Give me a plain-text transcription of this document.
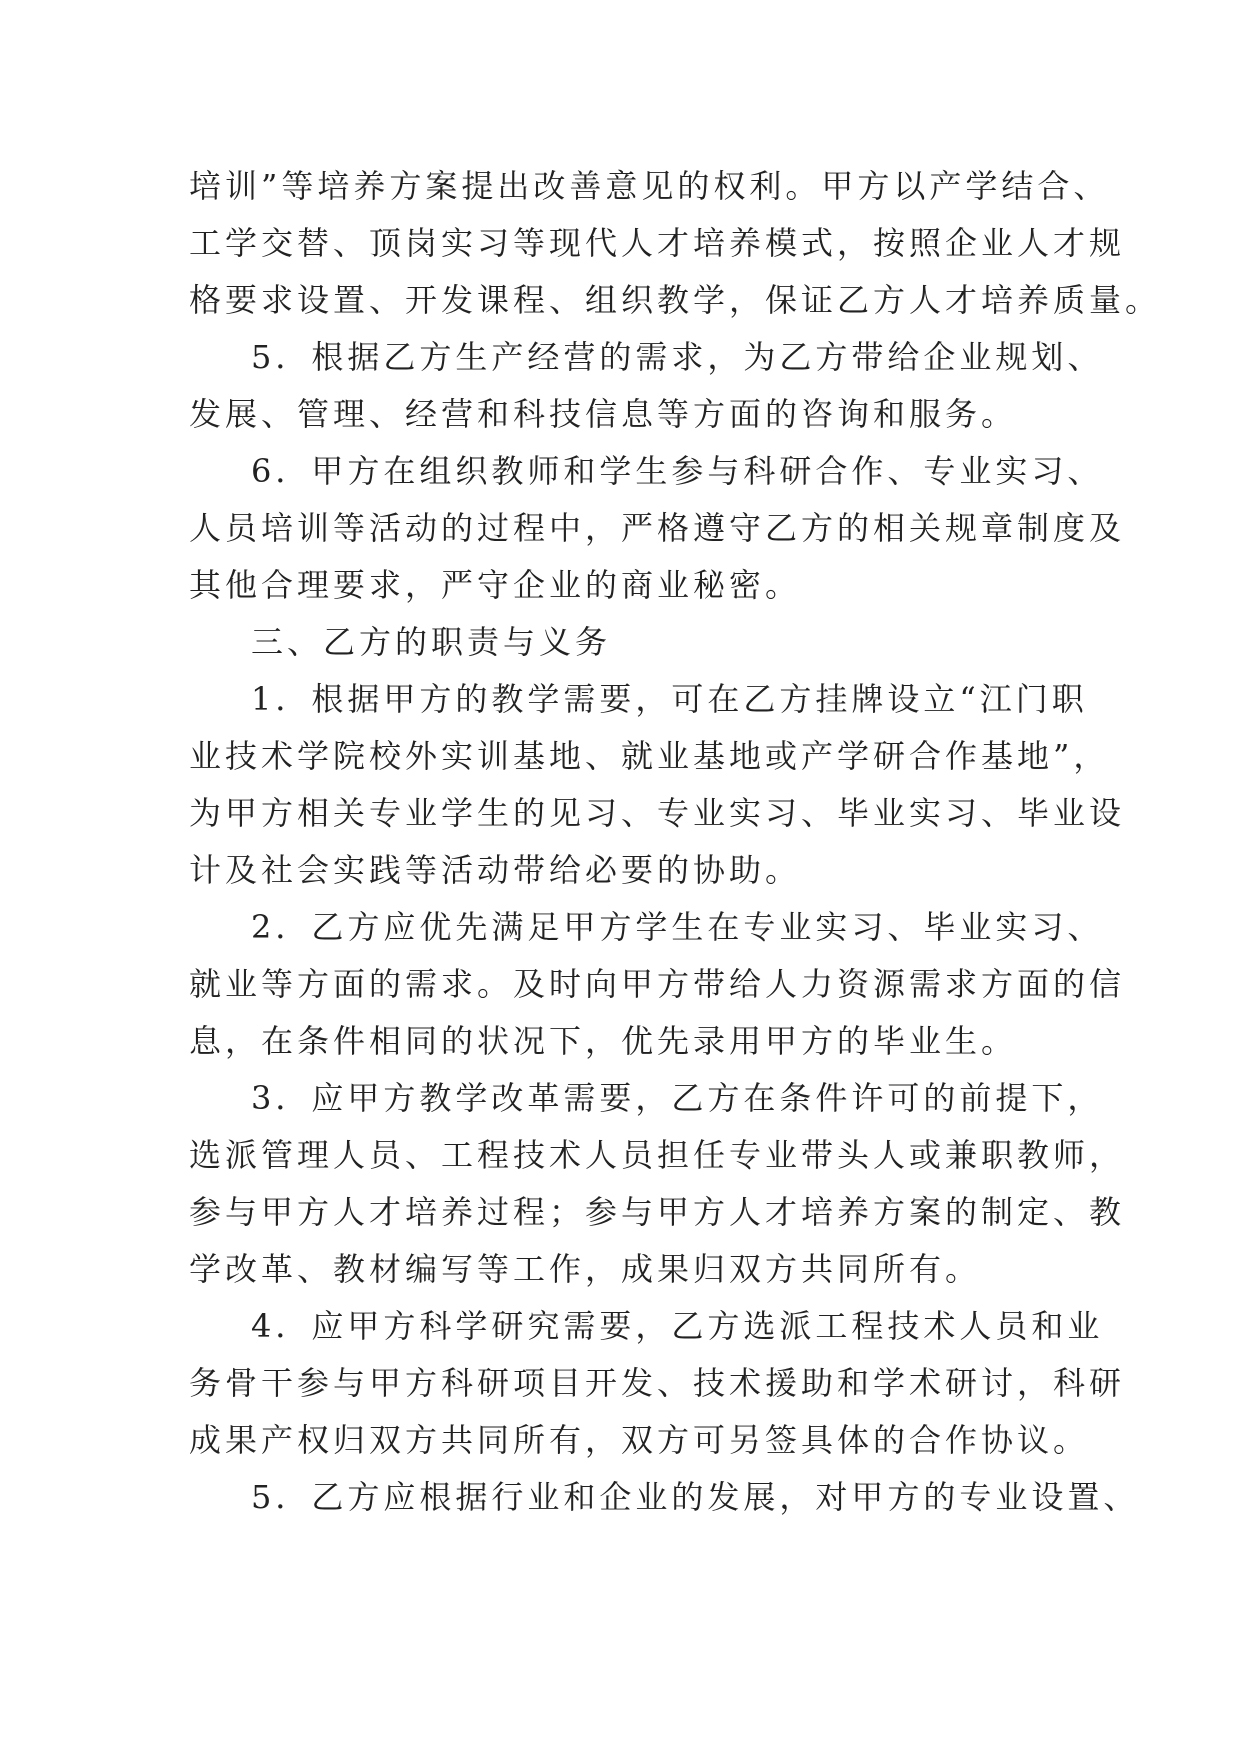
培训”等培养方案提出改善意见的权利。甲方以产学结合、
工学交替、顶岗实习等现代人才培养模式，按照企业人才规
格要求设置、开发课程、组织教学，保证乙方人才培养质量。
5．根据乙方生产经营的需求，为乙方带给企业规划、
发展、管理、经营和科技信息等方面的咨询和服务。
6．甲方在组织教师和学生参与科研合作、专业实习、
人员培训等活动的过程中，严格遵守乙方的相关规章制度及
其他合理要求，严守企业的商业秘密。
三、乙方的职责与义务
1．根据甲方的教学需要，可在乙方挂牌设立“江门职
业技术学院校外实训基地、就业基地或产学研合作基地”，
为甲方相关专业学生的见习、专业实习、毕业实习、毕业设
计及社会实践等活动带给必要的协助。
2．乙方应优先满足甲方学生在专业实习、毕业实习、
就业等方面的需求。及时向甲方带给人力资源需求方面的信
息，在条件相同的状况下，优先录用甲方的毕业生。
3．应甲方教学改革需要，乙方在条件许可的前提下，
选派管理人员、工程技术人员担任专业带头人或兼职教师，
参与甲方人才培养过程；参与甲方人才培养方案的制定、教
学改革、教材编写等工作，成果归双方共同所有。
4．应甲方科学研究需要，乙方选派工程技术人员和业
务骨干参与甲方科研项目开发、技术援助和学术研讨，科研
成果产权归双方共同所有，双方可另签具体的合作协议。
5．乙方应根据行业和企业的发展，对甲方的专业设置、
